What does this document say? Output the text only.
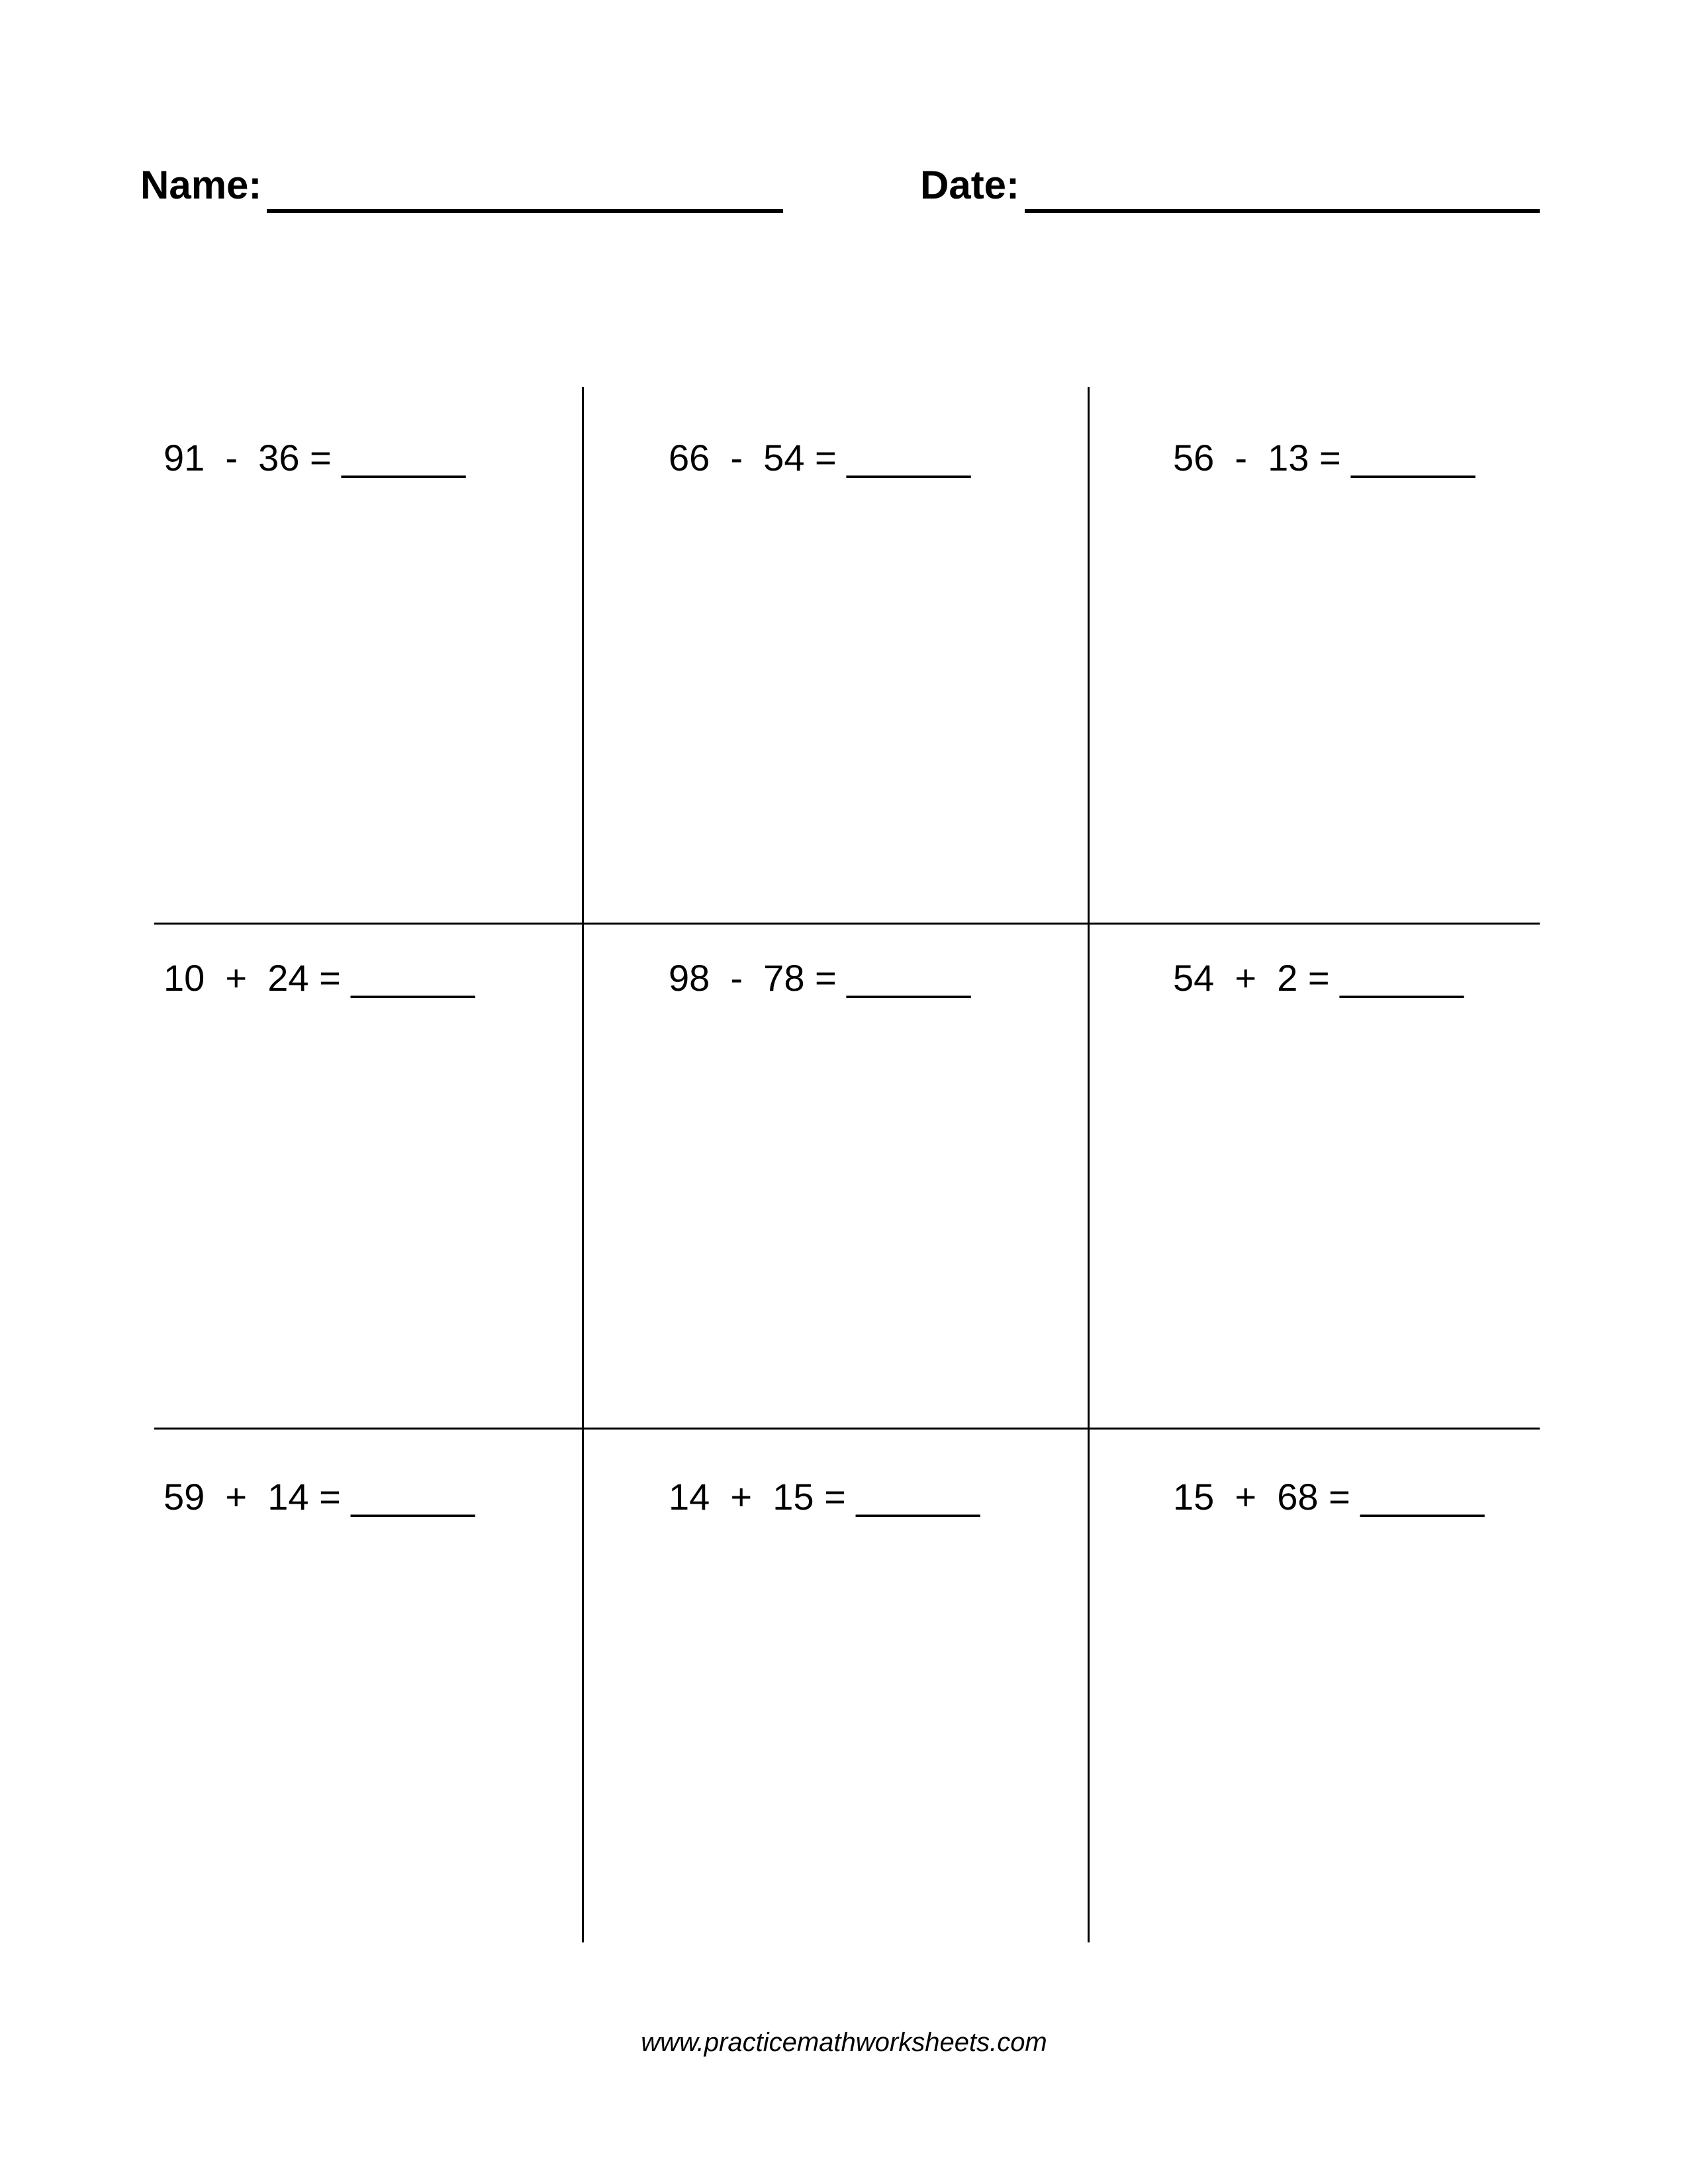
Name:	Date:
91  -  36 = ______	66  -  54 = ______	56  -  13 = ______
10  +  24 = ______	98  -  78 = ______	54  +  2 = ______
59  +  14 = ______	14  +  15 = ______	15  +  68 = ______
www.practicemathworksheets.com
